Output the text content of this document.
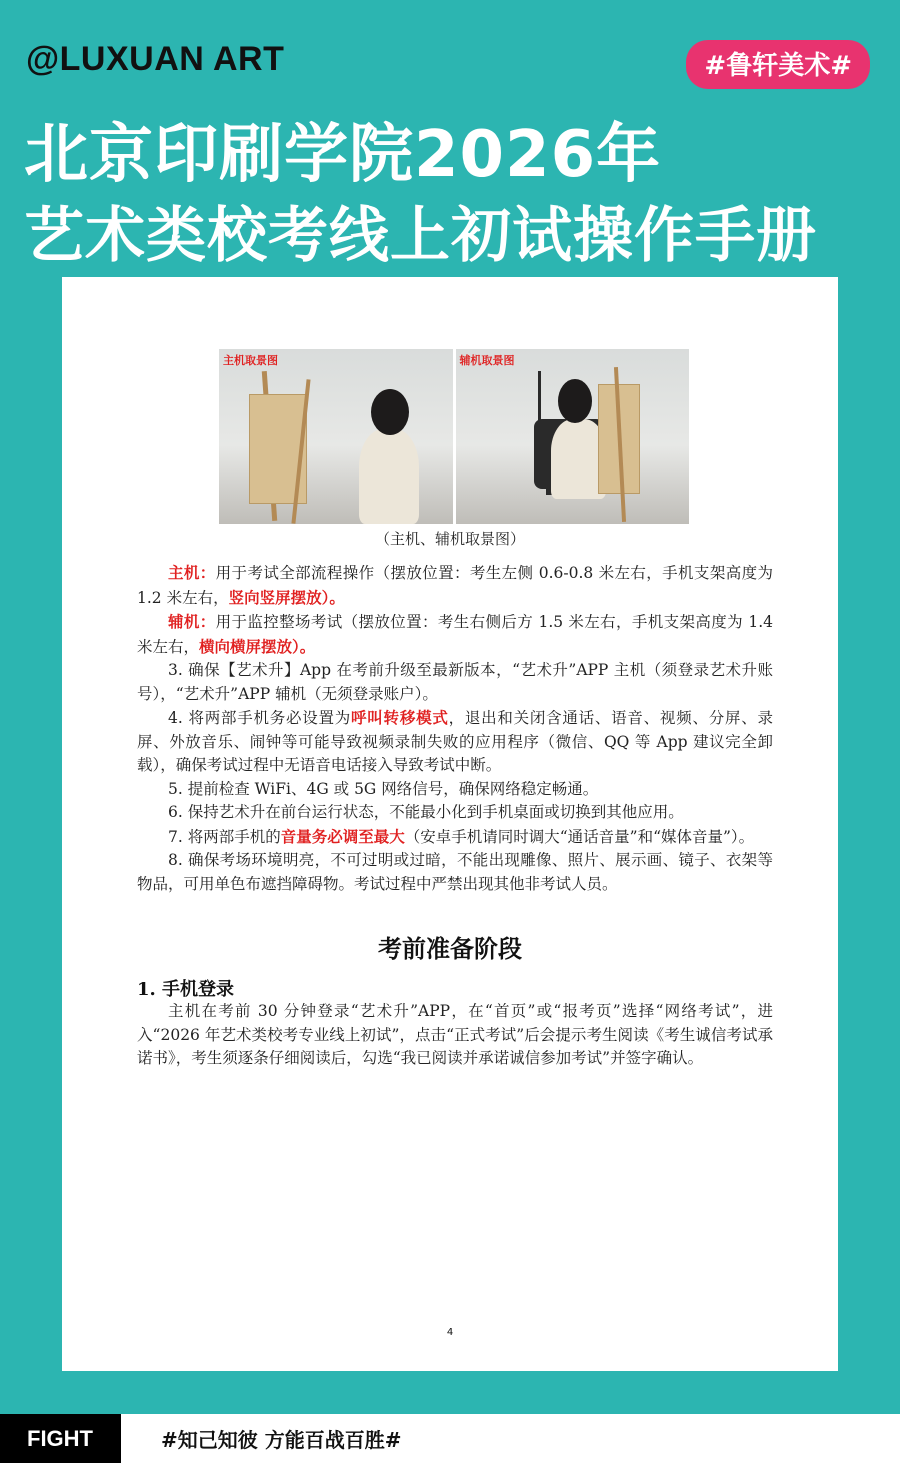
@LUXUAN ART	#鲁轩美术#
北京印刷学院2026年
艺术类校考线上初试操作手册
主机取景图	辅机取景图
（主机、辅机取景图）

主机：用于考试全部流程操作（摆放位置：考生左侧 0.6-0.8 米左右，手机支架高度为 1.2 米左右，竖向竖屏摆放）。

辅机：用于监控整场考试（摆放位置：考生右侧后方 1.5 米左右，手机支架高度为 1.4 米左右，横向横屏摆放）。

3. 确保【艺术升】App 在考前升级至最新版本，“艺术升”APP 主机（须登录艺术升账号），“艺术升”APP 辅机（无须登录账户）。

4. 将两部手机务必设置为呼叫转移模式，退出和关闭含通话、语音、视频、分屏、录屏、外放音乐、闹钟等可能导致视频录制失败的应用程序（微信、QQ 等 App 建议完全卸载），确保考试过程中无语音电话接入导致考试中断。

5. 提前检查 WiFi、4G 或 5G 网络信号，确保网络稳定畅通。

6. 保持艺术升在前台运行状态，不能最小化到手机桌面或切换到其他应用。

7. 将两部手机的音量务必调至最大（安卓手机请同时调大“通话音量”和“媒体音量”）。

8. 确保考场环境明亮，不可过明或过暗，不能出现雕像、照片、展示画、镜子、衣架等物品，可用单色布遮挡障碍物。考试过程中严禁出现其他非考试人员。

考前准备阶段
1. 手机登录

主机在考前 30 分钟登录“艺术升”APP，在“首页”或“报考页”选择“网络考试”，进入“2026 年艺术类校考专业线上初试”，点击“正式考试”后会提示考生阅读《考生诚信考试承诺书》，考生须逐条仔细阅读后，勾选“我已阅读并承诺诚信参加考试”并签字确认。

4
FIGHT	#知己知彼 方能百战百胜#
